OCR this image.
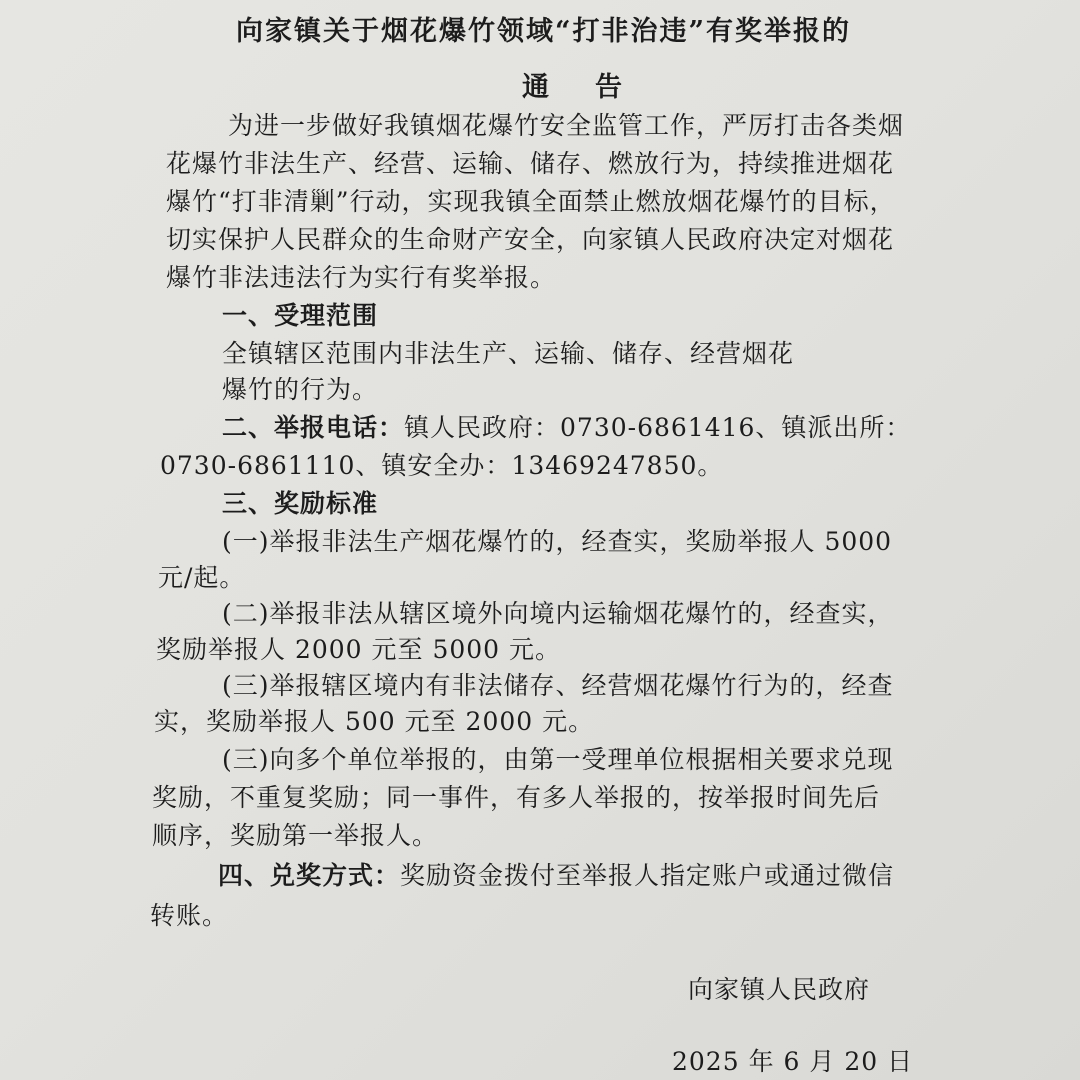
向家镇关于烟花爆竹领域“打非治违”有奖举报的
通告
为进一步做好我镇烟花爆竹安全监管工作，严厉打击各类烟
花爆竹非法生产、经营、运输、储存、燃放行为，持续推进烟花
爆竹“打非清剿”行动，实现我镇全面禁止燃放烟花爆竹的目标，
切实保护人民群众的生命财产安全，向家镇人民政府决定对烟花
爆竹非法违法行为实行有奖举报。
一、受理范围
全镇辖区范围内非法生产、运输、储存、经营烟花
爆竹的行为。
二、举报电话：镇人民政府：0730-6861416、镇派出所：
0730-6861110、镇安全办：13469247850。
三、奖励标准
(一)举报非法生产烟花爆竹的，经查实，奖励举报人 5000
元/起。
(二)举报非法从辖区境外向境内运输烟花爆竹的，经查实，
奖励举报人 2000 元至 5000 元。
(三)举报辖区境内有非法储存、经营烟花爆竹行为的，经查
实，奖励举报人 500 元至 2000 元。
(三)向多个单位举报的，由第一受理单位根据相关要求兑现
奖励，不重复奖励；同一事件，有多人举报的，按举报时间先后
顺序，奖励第一举报人。
四、兑奖方式：奖励资金拨付至举报人指定账户或通过微信
转账。
向家镇人民政府
2025 年 6 月 20 日
